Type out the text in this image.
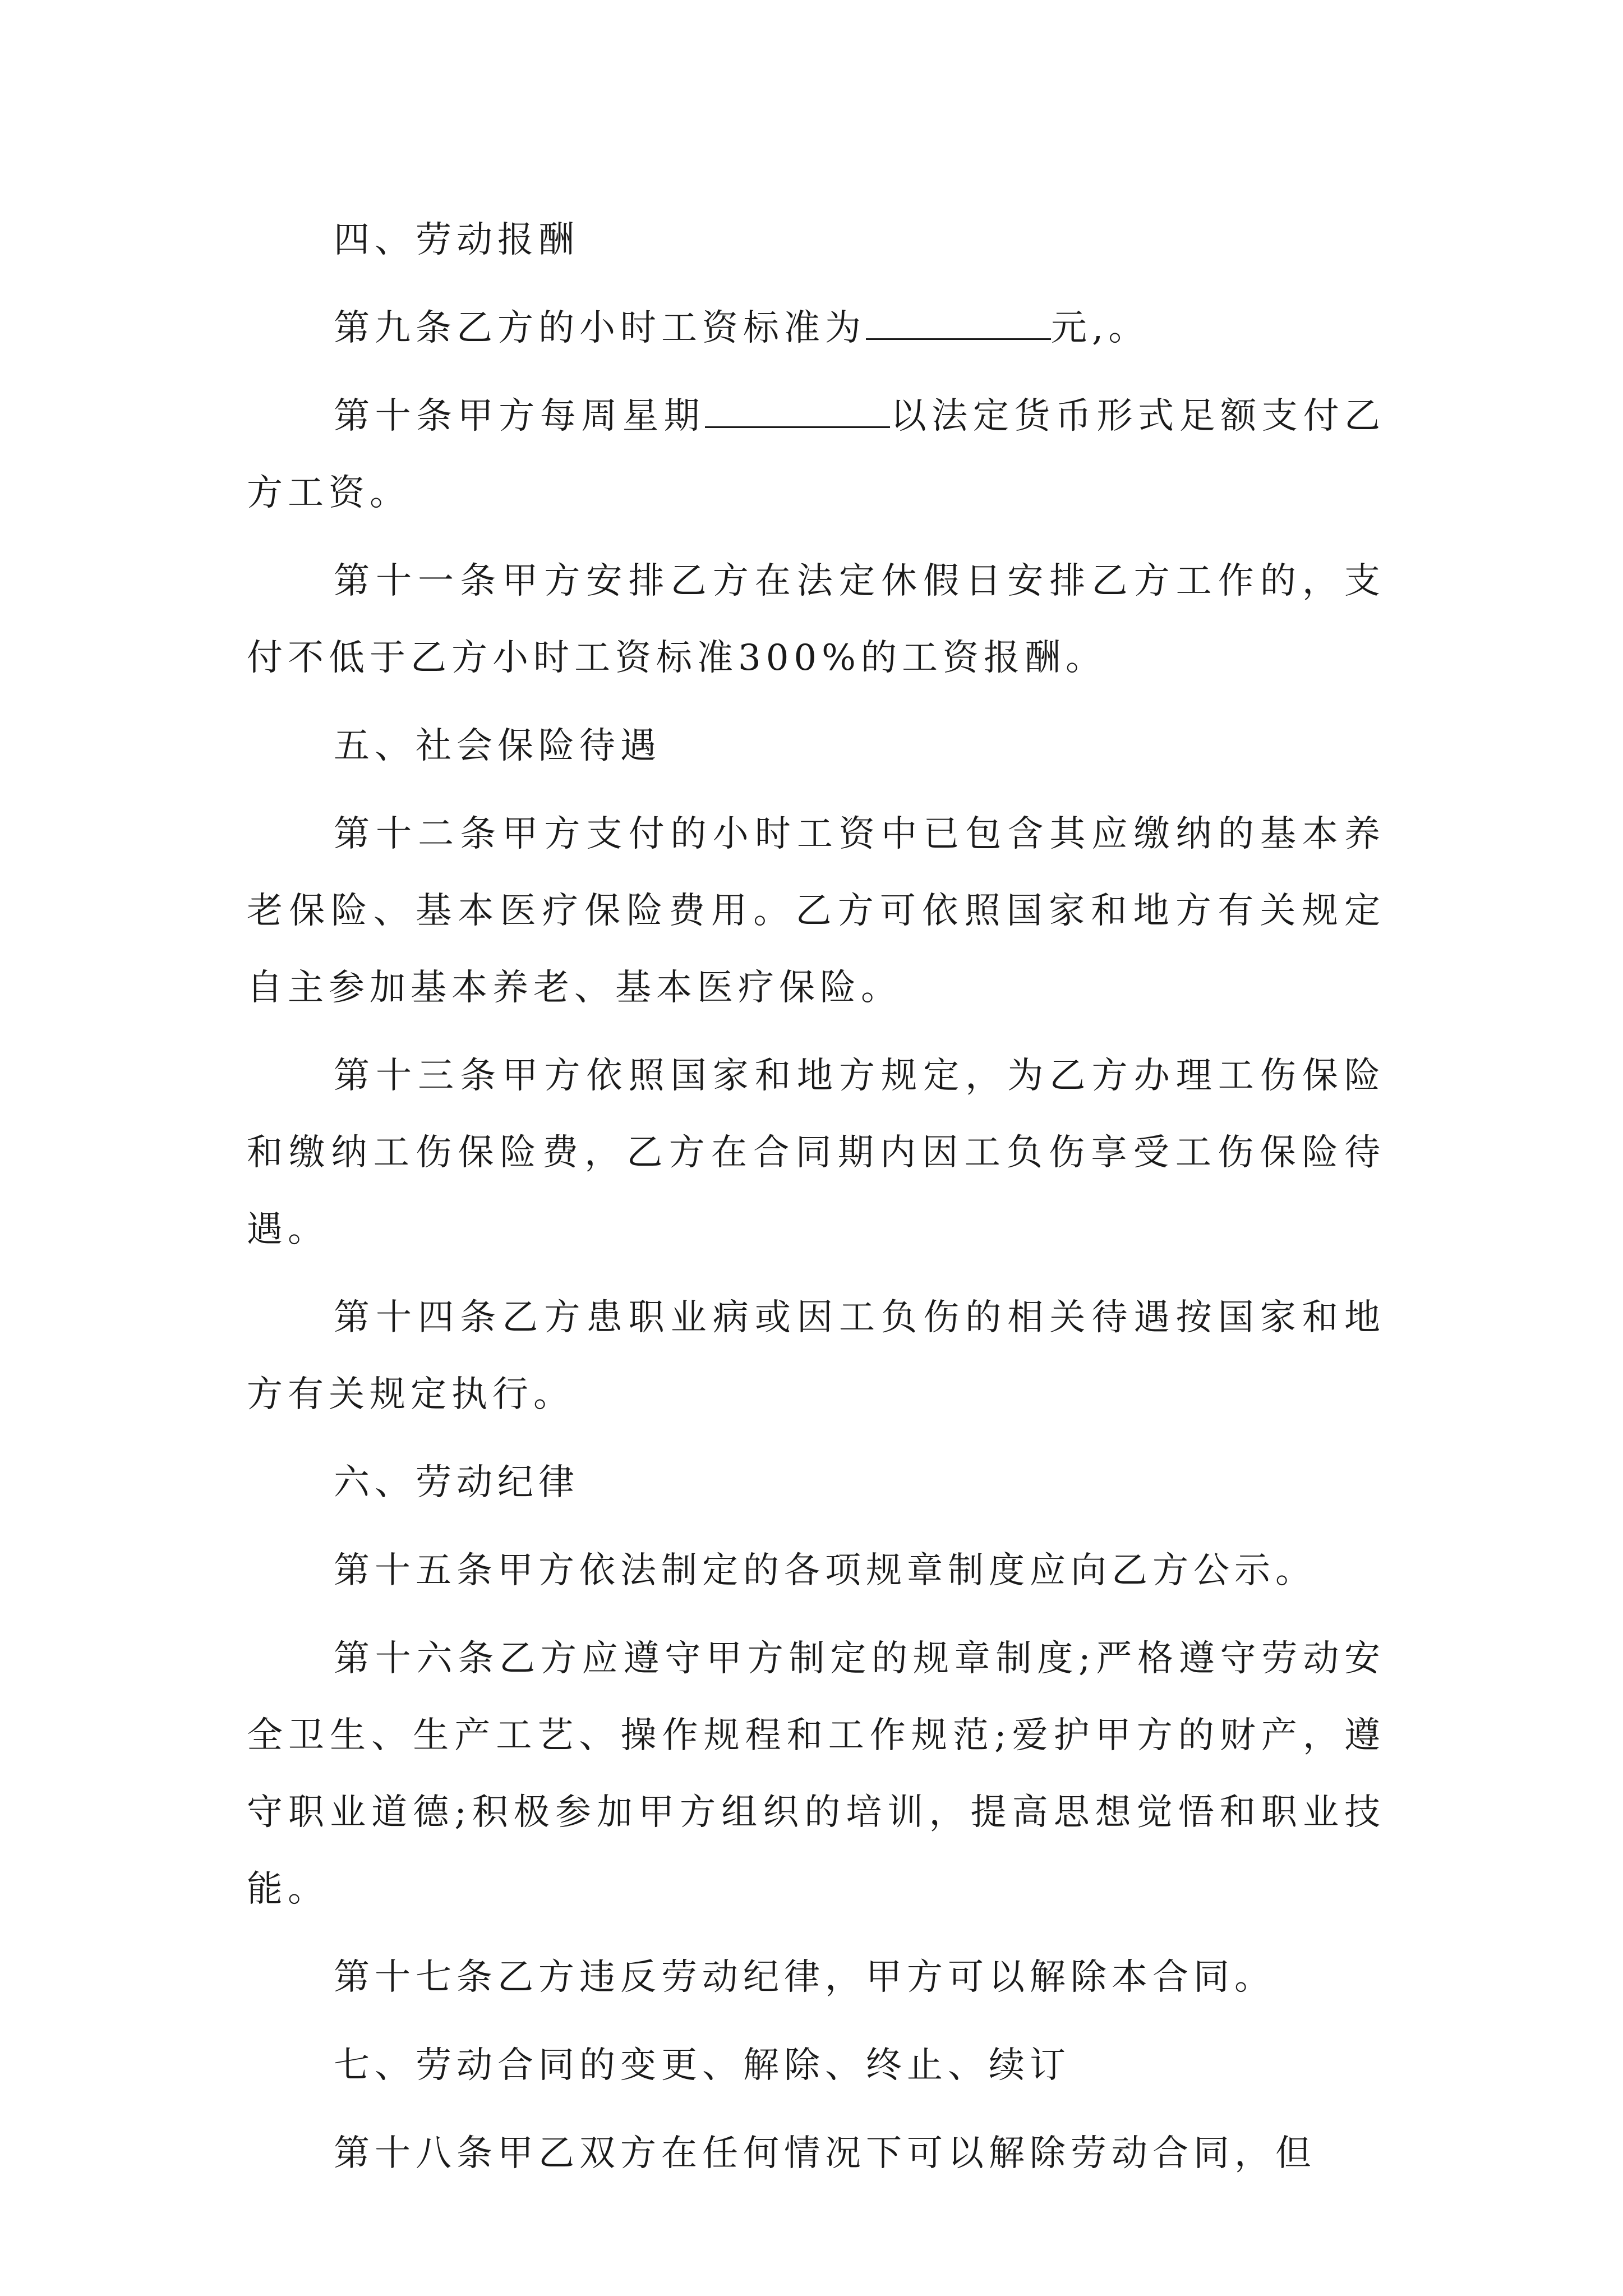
四、劳动报酬

第九条乙方的小时工资标准为	元,。

第十条甲方每周星期	以法定货币形式足额支付乙方工资。

第十一条甲方安排乙方在法定休假日安排乙方工作的，支付不低于乙方小时工资标准300%的工资报酬。

五、社会保险待遇

第十二条甲方支付的小时工资中已包含其应缴纳的基本养老保险、基本医疗保险费用。乙方可依照国家和地方有关规定自主参加基本养老、基本医疗保险。

第十三条甲方依照国家和地方规定，为乙方办理工伤保险和缴纳工伤保险费，乙方在合同期内因工负伤享受工伤保险待遇。

第十四条乙方患职业病或因工负伤的相关待遇按国家和地方有关规定执行。

六、劳动纪律

第十五条甲方依法制定的各项规章制度应向乙方公示。

第十六条乙方应遵守甲方制定的规章制度;严格遵守劳动安全卫生、生产工艺、操作规程和工作规范;爱护甲方的财产，遵守职业道德;积极参加甲方组织的培训，提高思想觉悟和职业技能。

第十七条乙方违反劳动纪律，甲方可以解除本合同。

七、劳动合同的变更、解除、终止、续订

第十八条甲乙双方在任何情况下可以解除劳动合同，但
